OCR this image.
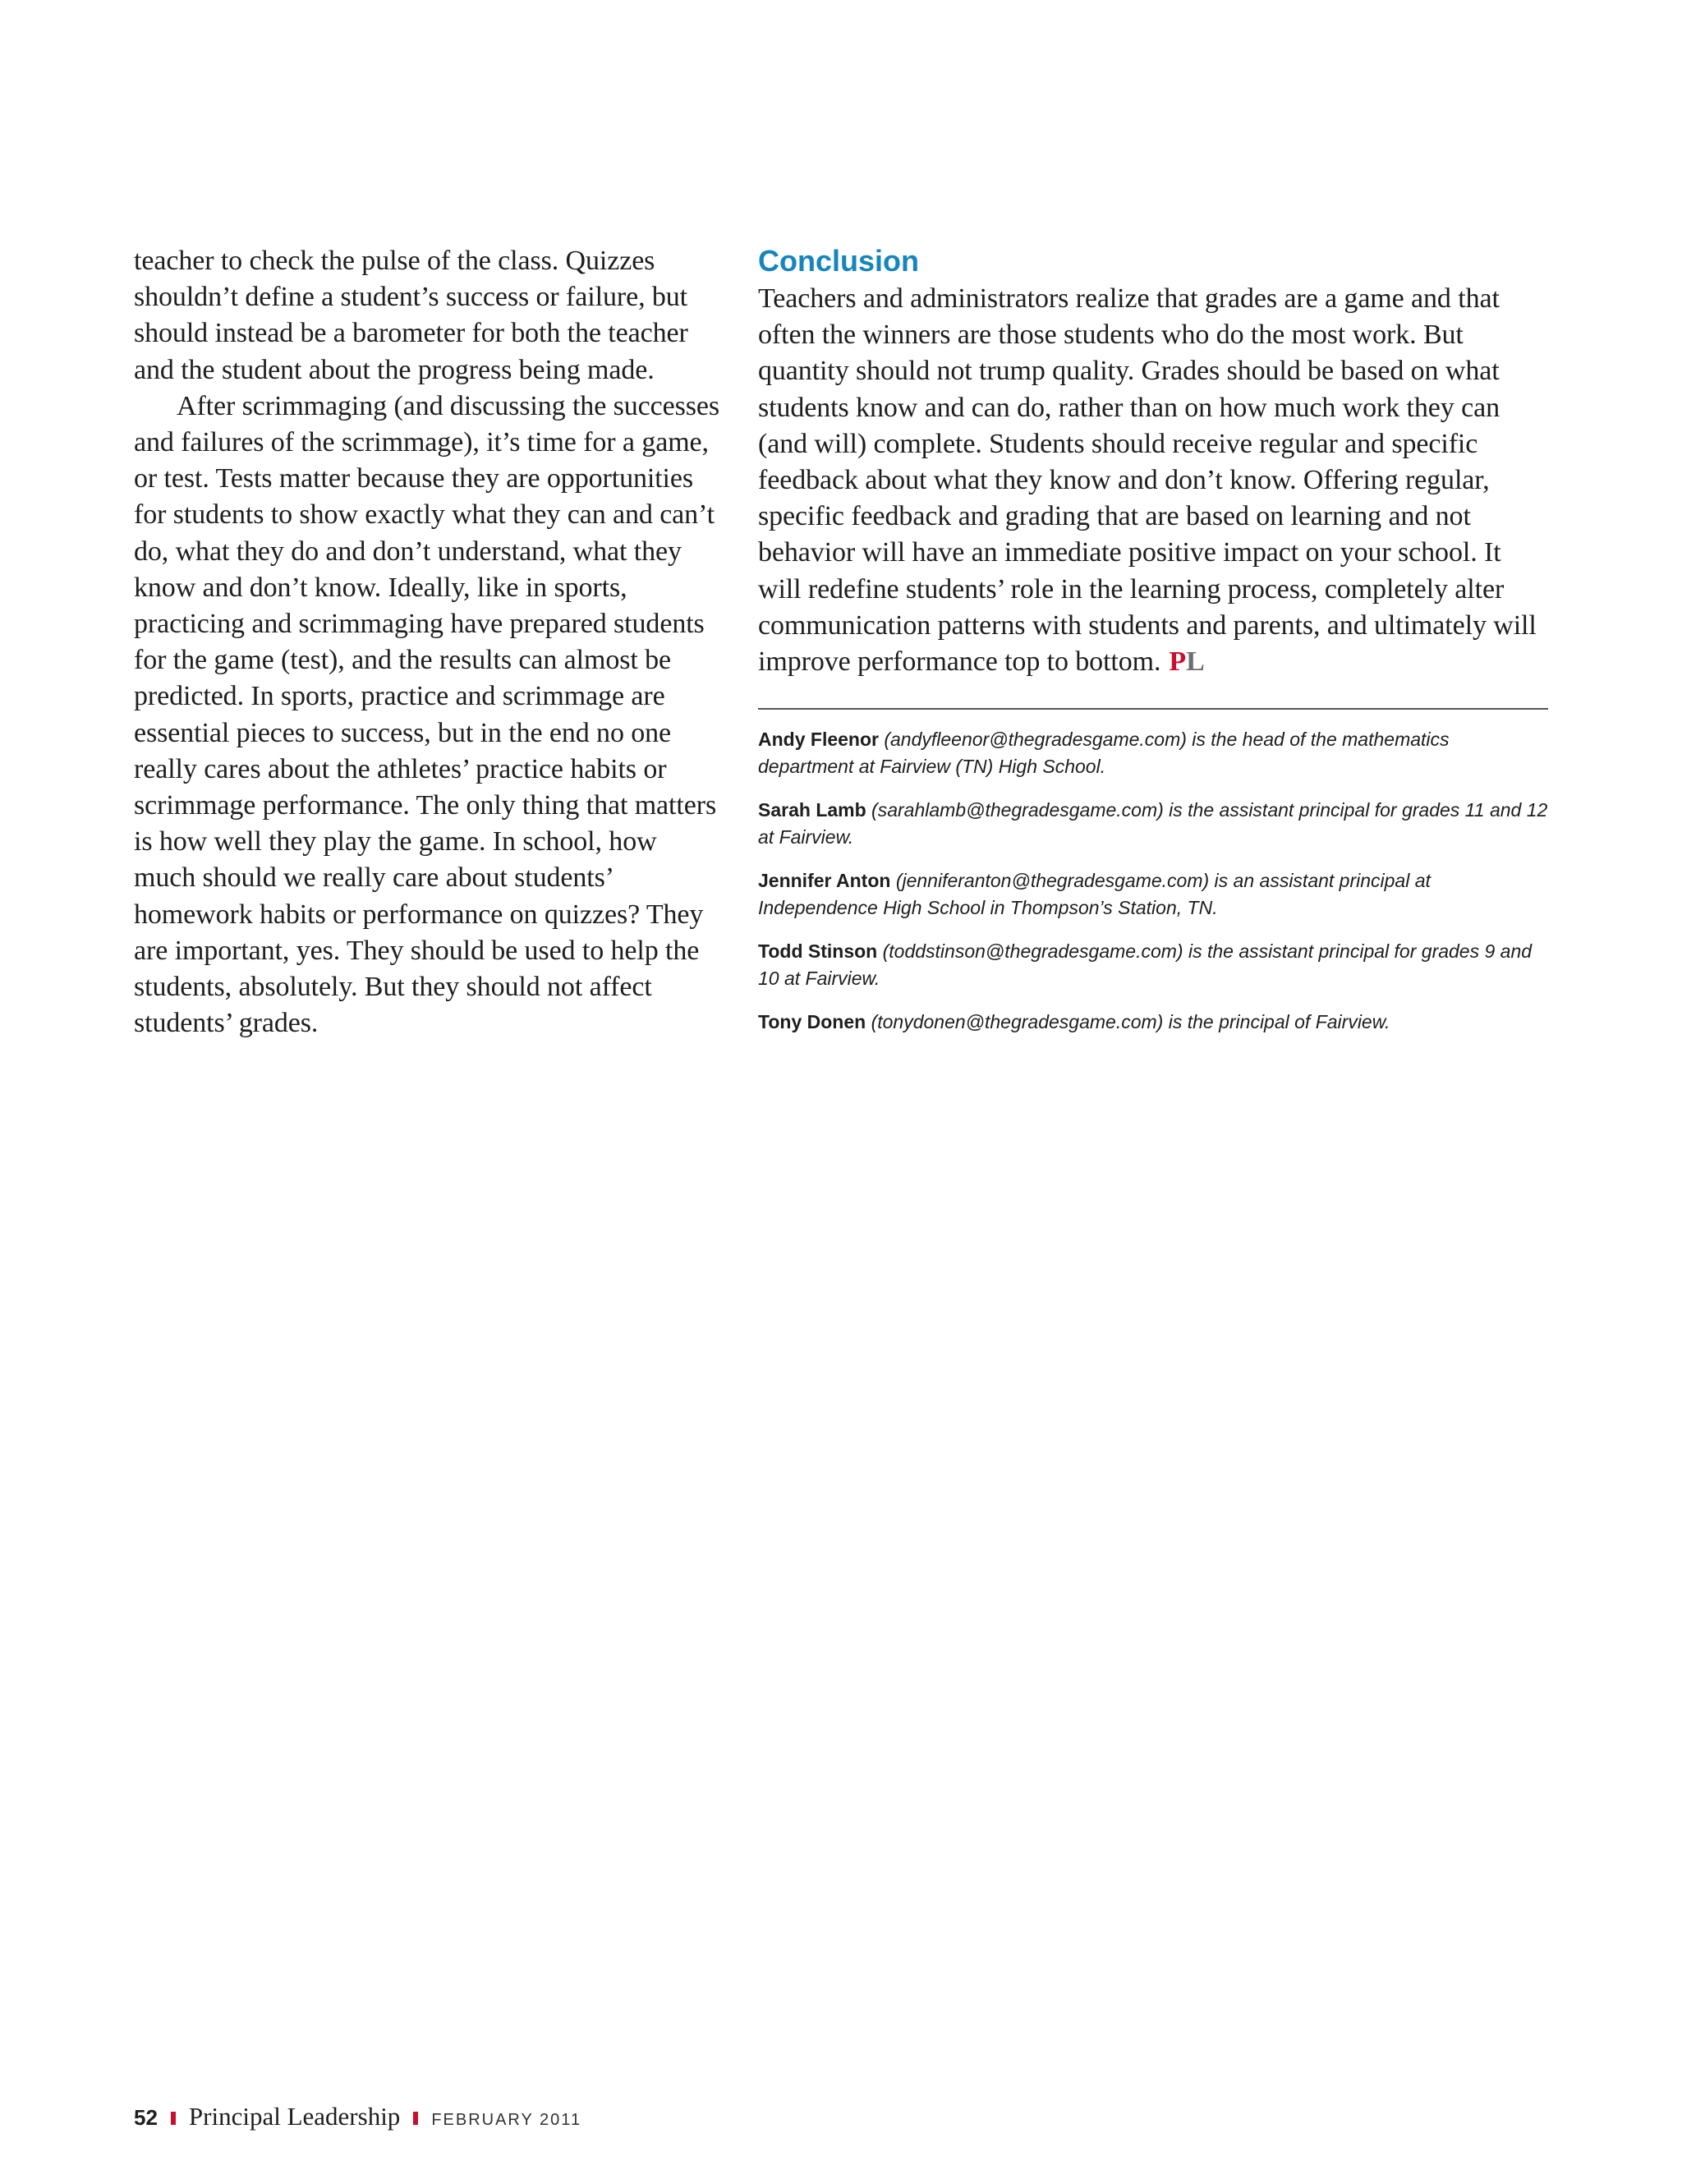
teacher to check the pulse of the class. Quizzes shouldn’t define a student’s success or failure, but should instead be a barometer for both the teacher and the student about the progress being made.

After scrimmaging (and discussing the successes and failures of the scrimmage), it’s time for a game, or test. Tests matter because they are opportunities for students to show exactly what they can and can’t do, what they do and don’t understand, what they know and don’t know. Ideally, like in sports, practicing and scrimmaging have prepared students for the game (test), and the results can almost be predicted. In sports, practice and scrimmage are essential pieces to success, but in the end no one really cares about the athletes’ practice habits or scrimmage performance. The only thing that matters is how well they play the game. In school, how much should we really care about students’ homework habits or performance on quizzes? They are important, yes. They should be used to help the students, absolutely. But they should not affect students’ grades.

Conclusion

Teachers and administrators realize that grades are a game and that often the winners are those students who do the most work. But quantity should not trump quality. Grades should be based on what students know and can do, rather than on how much work they can (and will) complete. Students should receive regular and specific feedback about what they know and don’t know. Offering regular, specific feedback and grading that are based on learning and not behavior will have an immediate positive impact on your school. It will redefine students’ role in the learning process, completely alter communication patterns with students and parents, and ultimately will improve performance top to bottom. PL

Andy Fleenor (andyfleenor@thegradesgame.com) is the head of the mathematics department at Fairview (TN) High School.

Sarah Lamb (sarahlamb@thegradesgame.com) is the assistant principal for grades 11 and 12 at Fairview.

Jennifer Anton (jenniferanton@thegradesgame.com) is an assistant principal at Independence High School in Thompson’s Station, TN.

Todd Stinson (toddstinson@thegradesgame.com) is the assistant principal for grades 9 and 10 at Fairview.

Tony Donen (tonydonen@thegradesgame.com) is the principal of Fairview.

52 Principal Leadership FEBRUARY 2011
